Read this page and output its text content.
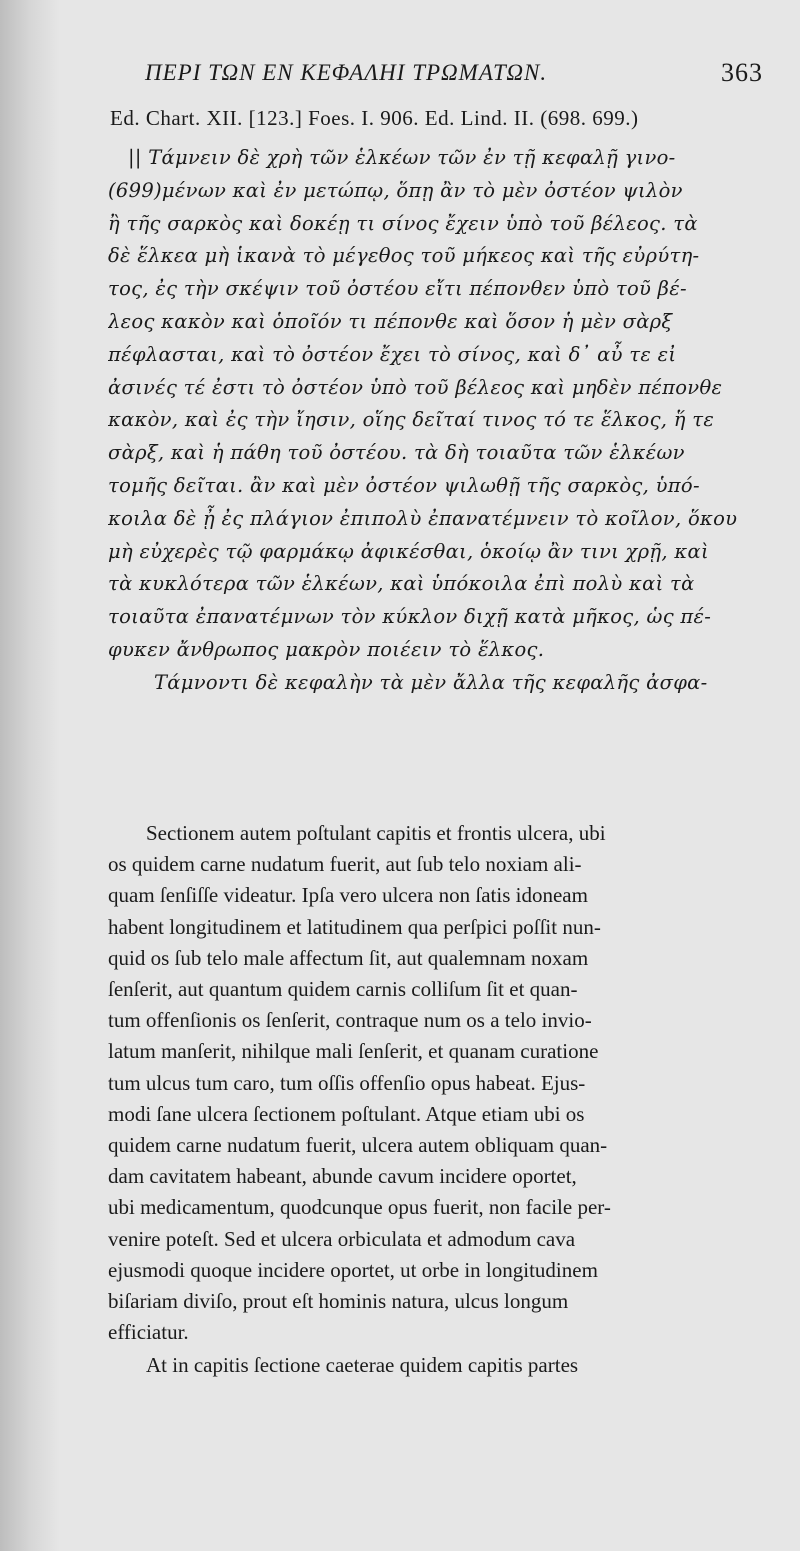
ΠΕΡΙ ΤΩΝ ΕΝ ΚΕΦΑΛΗΙ ΤΡΩΜΑΤΩΝ.	363
Ed. Chart. XII. [123.] Foes. I. 906. Ed. Lind. II. (698. 699.)
|| Τάμνειν δὲ χρὴ τῶν ἑλκέων τῶν ἐν τῇ κεφαλῇ γινο-
(699)μένων καὶ ἐν μετώπῳ, ὅπῃ ἂν τὸ μὲν ὀστέον ψιλὸν
ἢ τῆς σαρκὸς καὶ δοκέῃ τι σίνος ἔχειν ὑπὸ τοῦ βέλεος. τὰ
δὲ ἕλκεα μὴ ἱκανὰ τὸ μέγεθος τοῦ μήκεος καὶ τῆς εὐρύτη-
τος, ἐς τὴν σκέψιν τοῦ ὀστέου εἴτι πέπονθεν ὑπὸ τοῦ βέ-
λεος κακὸν καὶ ὁποῖόν τι πέπονθε καὶ ὅσον ἡ μὲν σὰρξ
πέφλασται, καὶ τὸ ὀστέον ἔχει τὸ σίνος, καὶ δ᾽ αὖ τε εἰ
ἀσινές τέ ἐστι τὸ ὀστέον ὑπὸ τοῦ βέλεος καὶ μηδὲν πέπονθε
κακὸν, καὶ ἐς τὴν ἴησιν, οἵης δεῖταί τινος τό τε ἕλκος, ἥ τε
σὰρξ, καὶ ἡ πάθη τοῦ ὀστέου. τὰ δὴ τοιαῦτα τῶν ἑλκέων
τομῆς δεῖται. ἂν καὶ μὲν ὀστέον ψιλωθῇ τῆς σαρκὸς, ὑπό-
κοιλα δὲ ᾖ ἐς πλάγιον ἐπιπολὺ ἐπανατέμνειν τὸ κοῖλον, ὅκου
μὴ εὐχερὲς τῷ φαρμάκῳ ἀφικέσθαι, ὁκοίῳ ἂν τινι χρῇ, καὶ
τὰ κυκλότερα τῶν ἑλκέων, καὶ ὑπόκοιλα ἐπὶ πολὺ καὶ τὰ
τοιαῦτα ἐπανατέμνων τὸν κύκλον διχῇ κατὰ μῆκος, ὡς πέ-
φυκεν ἄνθρωπος μακρὸν ποιέειν τὸ ἕλκος.
Τάμνοντι δὲ κεφαλὴν τὰ μὲν ἄλλα τῆς κεφαλῆς ἀσφα-
Sectionem autem poſtulant capitis et frontis ulcera, ubi
os quidem carne nudatum fuerit, aut ſub telo noxiam ali-
quam ſenſiſſe videatur. Ipſa vero ulcera non ſatis idoneam
habent longitudinem et latitudinem qua perſpici poſſit nun-
quid os ſub telo male affectum ſit, aut qualemnam noxam
ſenſerit, aut quantum quidem carnis colliſum ſit et quan-
tum offenſionis os ſenſerit, contraque num os a telo invio-
latum manſerit, nihilque mali ſenſerit, et quanam curatione
tum ulcus tum caro, tum oſſis offenſio opus habeat. Ejus-
modi ſane ulcera ſectionem poſtulant. Atque etiam ubi os
quidem carne nudatum fuerit, ulcera autem obliquam quan-
dam cavitatem habeant, abunde cavum incidere oportet,
ubi medicamentum, quodcunque opus fuerit, non facile per-
venire poteſt. Sed et ulcera orbiculata et admodum cava
ejusmodi quoque incidere oportet, ut orbe in longitudinem
biſariam diviſo, prout eſt hominis natura, ulcus longum
efficiatur.
At in capitis ſectione caeterae quidem capitis partes
